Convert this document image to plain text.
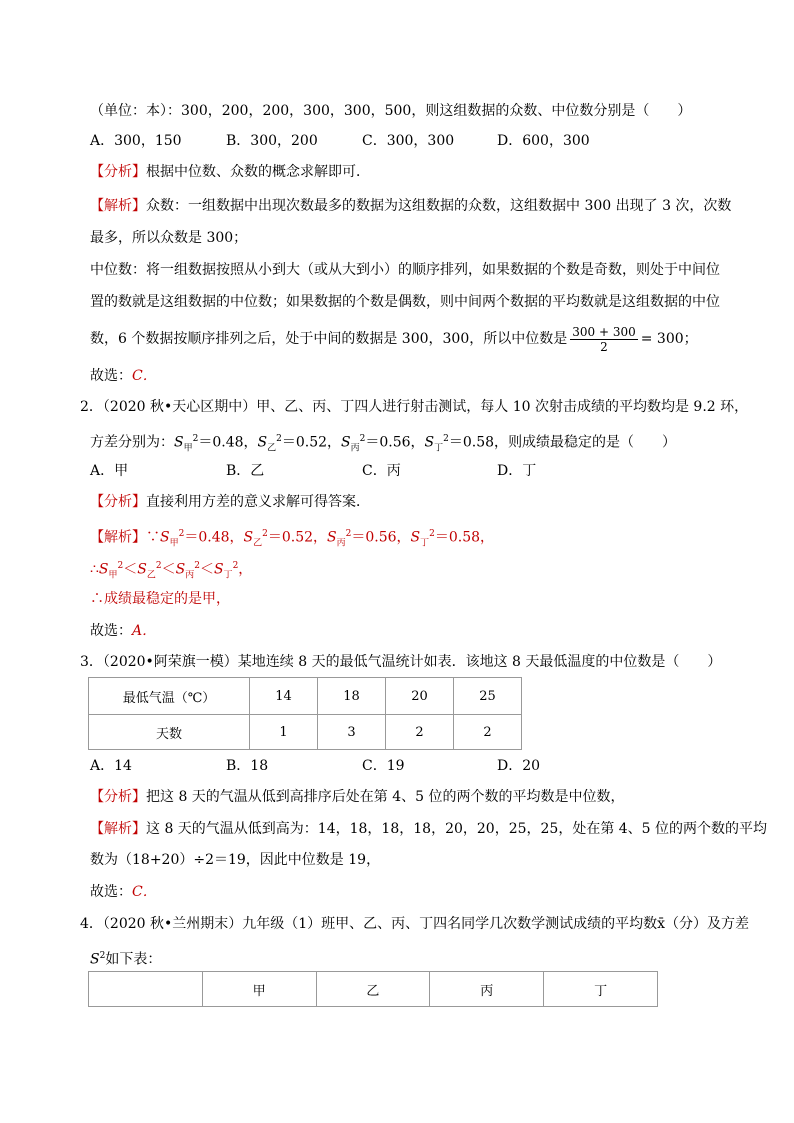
（单位：本）：300，200，200，300，300，500，则这组数据的众数、中位数分别是（　　）
A．300，150	B．300，200	C．300，300	D．600，300
【分析】根据中位数、众数的概念求解即可．
【解析】众数：一组数据中出现次数最多的数据为这组数据的众数，这组数据中 300 出现了 3 次，次数
最多，所以众数是 300；
中位数：将一组数据按照从小到大（或从大到小）的顺序排列，如果数据的个数是奇数，则处于中间位
置的数就是这组数据的中位数；如果数据的个数是偶数，则中间两个数据的平均数就是这组数据的中位
数，6 个数据按顺序排列之后，处于中间的数据是 300，300，所以中位数是 $\frac{300 + 300}{2} = 300$；
故选：C．
2．（2020 秋•天心区期中）甲、乙、丙、丁四人进行射击测试，每人 10 次射击成绩的平均数均是 9.2 环，
方差分别为：$S_甲^2=0.48$，$S_乙^2=0.52$，$S_丙^2=0.56$，$S_丁^2=0.58$，则成绩最稳定的是（　　）
A．甲	B．乙	C．丙	D．丁
【分析】直接利用方差的意义求解可得答案．
【解析】$\because S_甲^2=0.48$，$S_乙^2=0.52$，$S_丙^2=0.56$，$S_丁^2=0.58$，
$\therefore S_甲^2<S_乙^2<S_丙^2<S_丁^2$，
∴成绩最稳定的是甲，
故选：A．
3．（2020•阿荣旗一模）某地连续 8 天的最低气温统计如表．该地这 8 天最低温度的中位数是（　　）
最低气温（℃）	14	18	20	25
天数	1	3	2	2
A．14	B．18	C．19	D．20
【分析】把这 8 天的气温从低到高排序后处在第 4、5 位的两个数的平均数是中位数，
【解析】这 8 天的气温从低到高为：14，18，18，18，20，20，25，25，处在第 4、5 位的两个数的平均
数为（18+20）÷2＝19，因此中位数是 19，
故选：C．
4．（2020 秋•兰州期末）九年级（1）班甲、乙、丙、丁四名同学几次数学测试成绩的平均数x̄（分）及方差
$S^2$如下表：
	甲	乙	丙	丁
